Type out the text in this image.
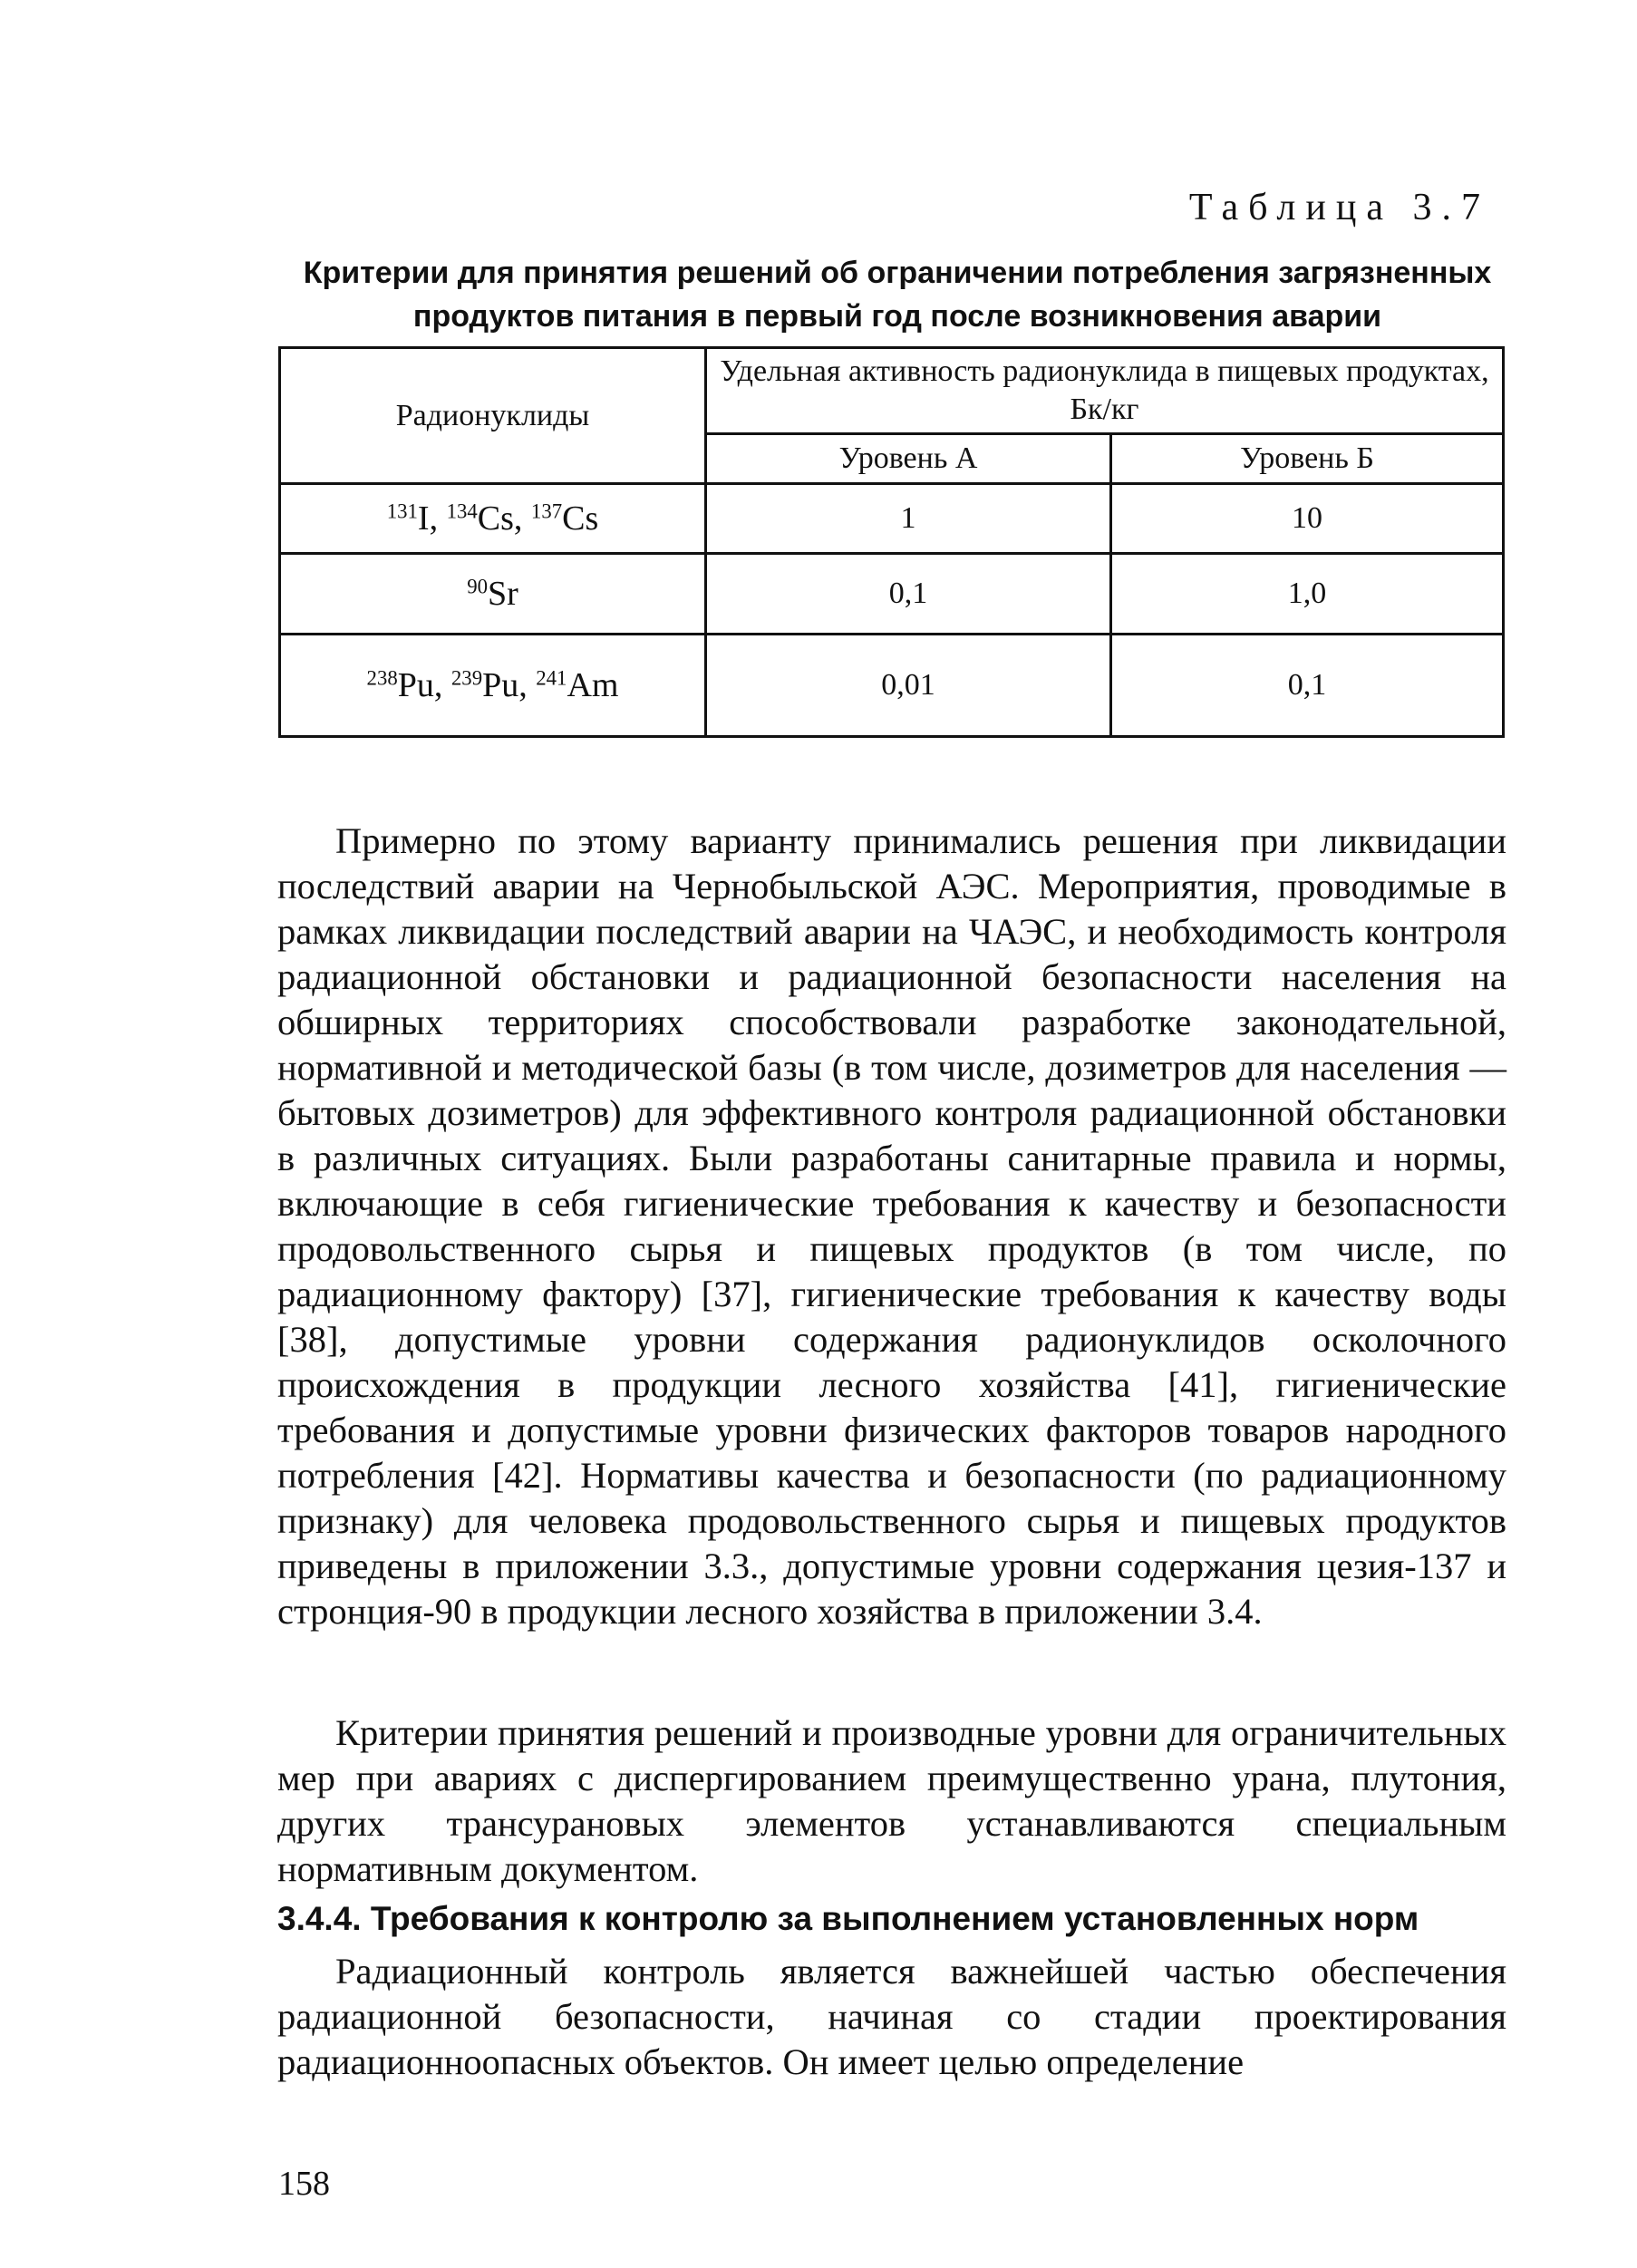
Таблица 3.7
Критерии для принятия решений об ограничении потребления загрязненных продуктов питания в первый год после возникновения аварии
Радионуклиды	Удельная активность радионуклида в пищевых продуктах, Бк/кг	
	Уровень А	Уровень Б
$^{131}$I, $^{134}$Cs, $^{137}$Cs	1	10
$^{90}$Sr	0,1	1,0
$^{238}$Pu, $^{239}$Pu, $^{241}$Am	0,01	0,1

Примерно по этому варианту принимались решения при ликвидации последствий аварии на Чернобыльской АЭС. Мероприятия, проводимые в рамках ликвидации последствий аварии на ЧАЭС, и необходимость контроля радиационной обстановки и радиационной безопасности населения на обширных территориях способствовали разработке законодательной, нормативной и методической базы (в том числе, дозиметров для населения — бытовых дозиметров) для эффективного контроля радиационной обстановки в различных ситуациях. Были разработаны санитарные правила и нормы, включающие в себя гигиенические требования к качеству и безопасности продовольственного сырья и пищевых продуктов (в том числе, по радиационному фактору) [37], гигиенические требования к качеству воды [38], допустимые уровни содержания радионуклидов осколочного происхождения в продукции лесного хозяйства [41], гигиенические требования и допустимые уровни физических факторов товаров народного потребления [42]. Нормативы качества и безопасности (по радиационному признаку) для человека продовольственного сырья и пищевых продуктов приведены в приложении 3.3., допустимые уровни содержания цезия-137 и стронция-90 в продукции лесного хозяйства в приложении 3.4.

Критерии принятия решений и производные уровни для ограничительных мер при авариях с диспергированием преимущественно урана, плутония, других трансурановых элементов устанавливаются специальным нормативным документом.

3.4.4. Требования к контролю за выполнением установленных норм

Радиационный контроль является важнейшей частью обеспечения радиационной безопасности, начиная со стадии проектирования радиационноопасных объектов. Он имеет целью определение

158
